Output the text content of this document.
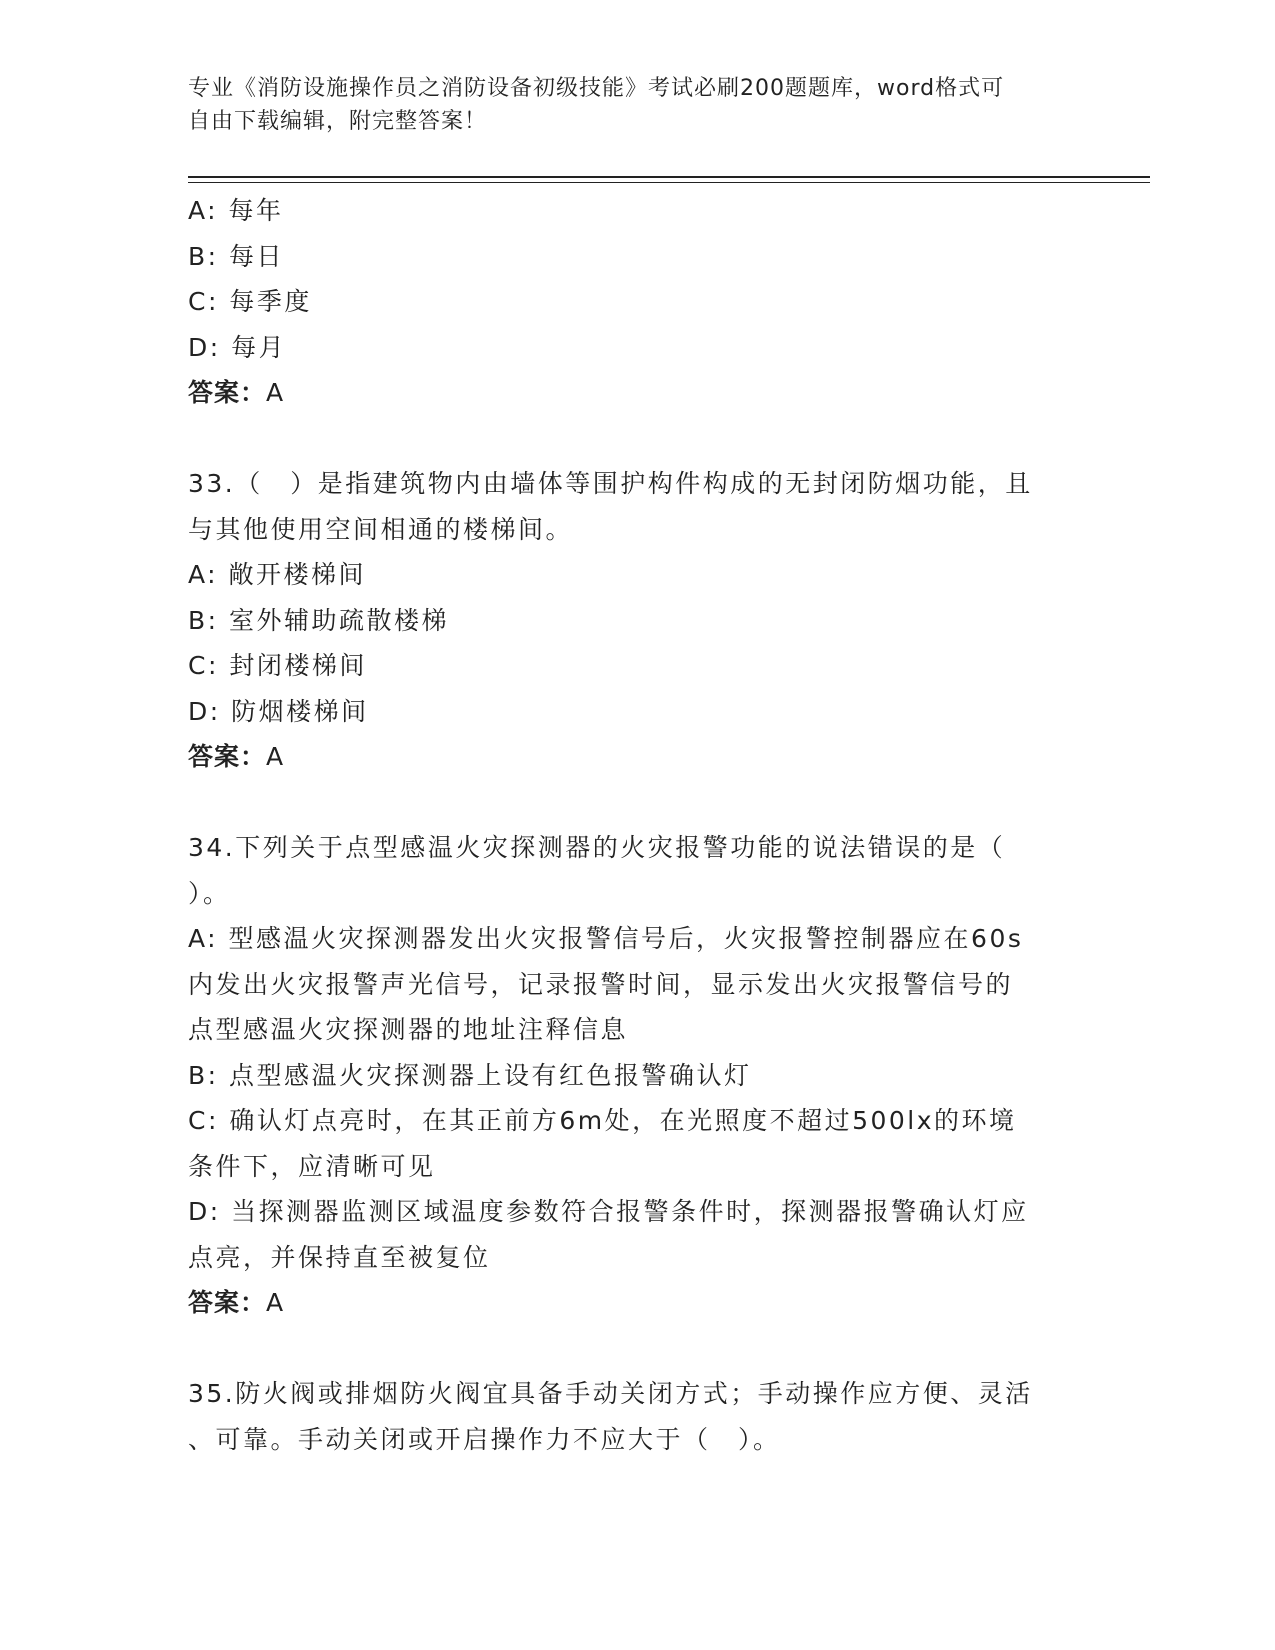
专业《消防设施操作员之消防设备初级技能》考试必刷200题题库，word格式可
自由下载编辑，附完整答案！
A: 每年
B: 每日
C: 每季度
D: 每月
答案：A
33.（　）是指建筑物内由墙体等围护构件构成的无封闭防烟功能，且
与其他使用空间相通的楼梯间。
A: 敞开楼梯间
B: 室外辅助疏散楼梯
C: 封闭楼梯间
D: 防烟楼梯间
答案：A
34.下列关于点型感温火灾探测器的火灾报警功能的说法错误的是（
）。
A: 型感温火灾探测器发出火灾报警信号后，火灾报警控制器应在60s
内发出火灾报警声光信号，记录报警时间，显示发出火灾报警信号的
点型感温火灾探测器的地址注释信息
B: 点型感温火灾探测器上设有红色报警确认灯
C: 确认灯点亮时，在其正前方6m处，在光照度不超过500lx的环境
条件下，应清晰可见
D: 当探测器监测区域温度参数符合报警条件时，探测器报警确认灯应
点亮，并保持直至被复位
答案：A
35.防火阀或排烟防火阀宜具备手动关闭方式；手动操作应方便、灵活
、可靠。手动关闭或开启操作力不应大于（　）。
